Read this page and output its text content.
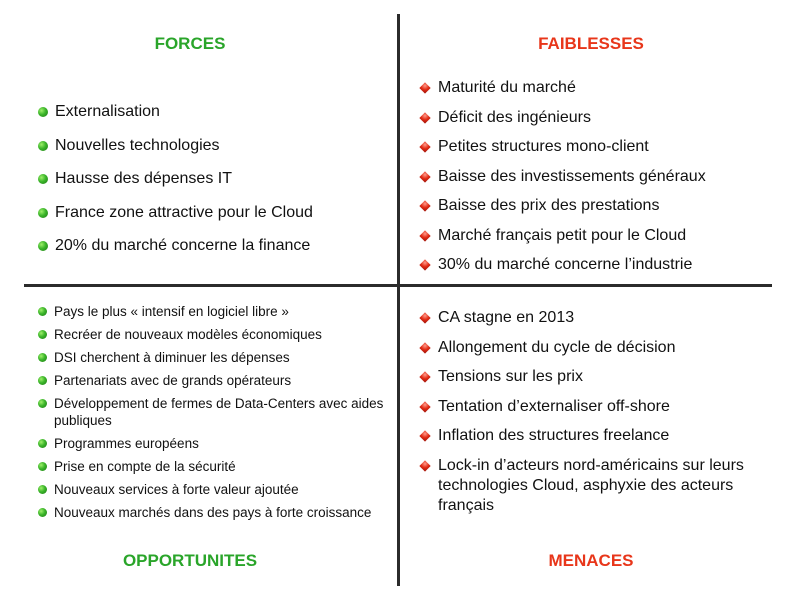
FORCES
Externalisation
Nouvelles technologies
Hausse des dépenses IT
France zone attractive pour le Cloud
20% du marché concerne la finance
FAIBLESSES
Maturité du marché
Déficit des ingénieurs
Petites structures mono-client
Baisse des investissements généraux
Baisse des prix des prestations
Marché français petit pour le Cloud
30% du marché concerne l’industrie
Pays le plus « intensif en logiciel libre »
Recréer de nouveaux modèles économiques
DSI cherchent à diminuer les dépenses
Partenariats avec de grands opérateurs
Développement de fermes de Data-Centers avec aides publiques
Programmes européens
Prise en compte de la sécurité
Nouveaux services à forte valeur ajoutée
Nouveaux marchés dans des pays à forte croissance
OPPORTUNITES
CA stagne en 2013
Allongement du cycle de décision
Tensions sur les prix
Tentation d’externaliser off-shore
Inflation des structures freelance
Lock-in d’acteurs nord-américains sur leurs technologies Cloud, asphyxie des acteurs français
MENACES
